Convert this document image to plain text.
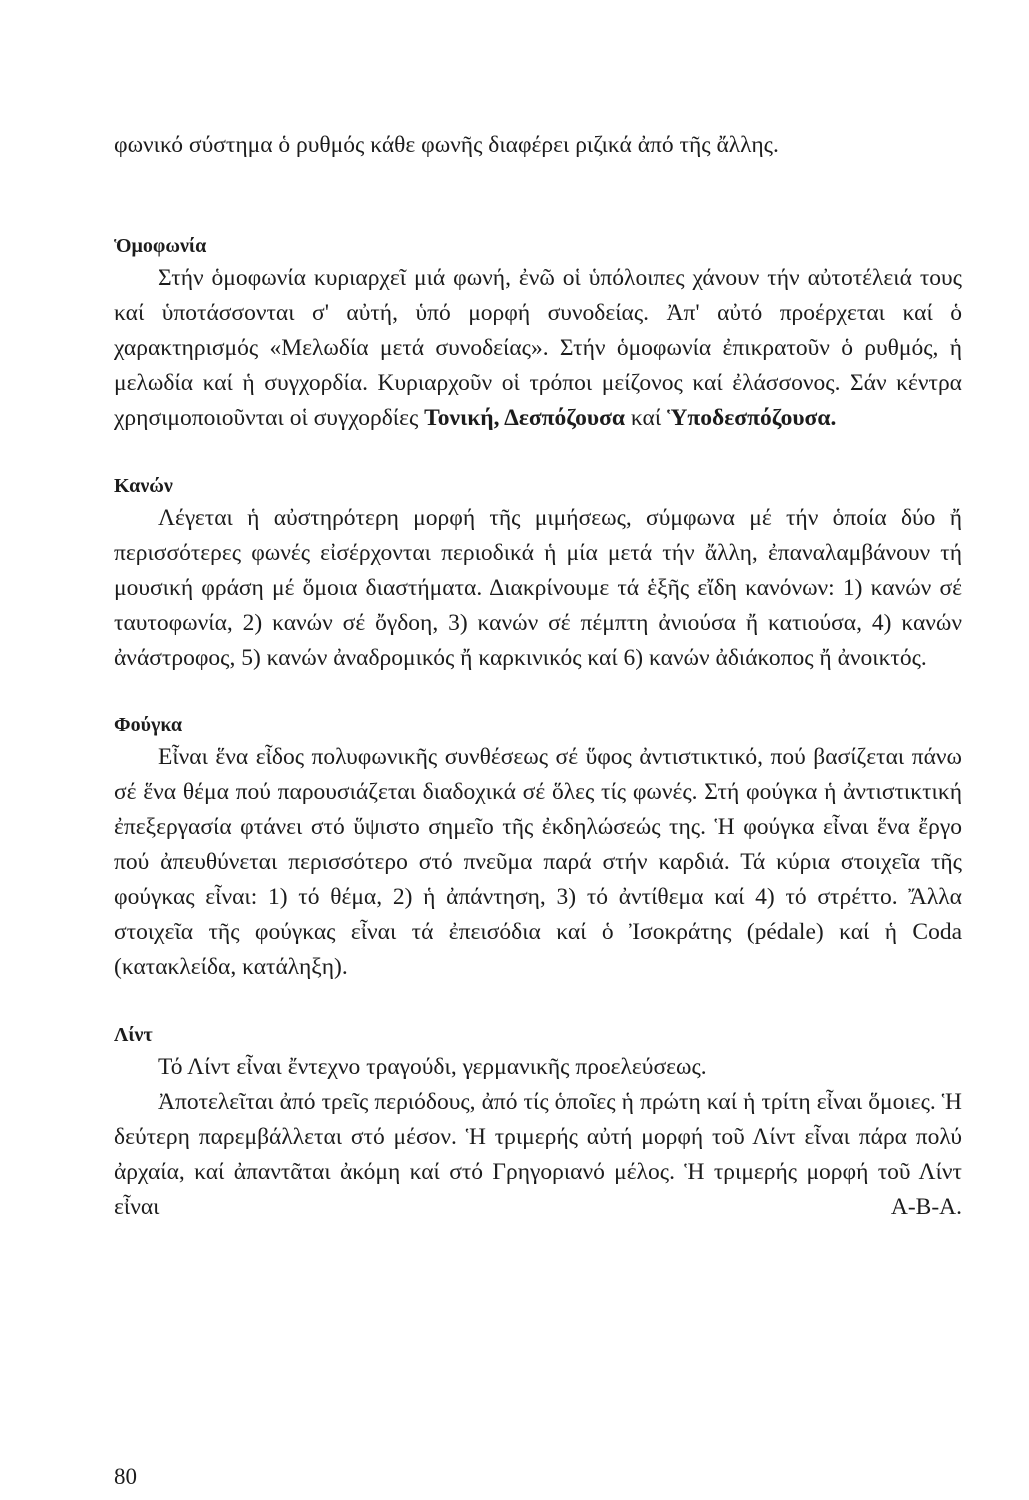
φωνικό σύστημα ὁ ρυθμός κάθε φωνῆς διαφέρει ριζικά ἀπό τῆς ἄλλης.

Ὁμοφωνία

Στήν ὁμοφωνία κυριαρχεῖ μιά φωνή, ἐνῶ οἱ ὑπόλοιπες χάνουν τήν αὐτοτέλειά τους καί ὑποτάσσονται σ' αὐτή, ὑπό μορφή συνοδείας. Ἀπ' αὐτό προέρχεται καί ὁ χαρακτηρισμός «Μελωδία μετά συνοδείας». Στήν ὁμοφωνία ἐπικρατοῦν ὁ ρυθμός, ἡ μελωδία καί ἡ συγχορδία. Κυριαρχοῦν οἱ τρόποι μείζονος καί ἐλάσσονος. Σάν κέντρα χρησιμοποιοῦνται οἱ συγχορδίες Τονική, Δεσπόζουσα καί Ὑποδεσπόζουσα.

Κανών

Λέγεται ἡ αὐστηρότερη μορφή τῆς μιμήσεως, σύμφωνα μέ τήν ὁποία δύο ἤ περισσότερες φωνές εἰσέρχονται περιοδικά ἡ μία μετά τήν ἄλλη, ἐπαναλαμβάνουν τή μουσική φράση μέ ὅμοια διαστήματα. Διακρίνουμε τά ἑξῆς εἴδη κανόνων: 1) κανών σέ ταυτοφωνία, 2) κανών σέ ὄγδοη, 3) κανών σέ πέμπτη ἀνιούσα ἤ κατιούσα, 4) κανών ἀνάστροφος, 5) κανών ἀναδρομικός ἤ καρκινικός καί 6) κανών ἀδιάκοπος ἤ ἀνοικτός.

Φούγκα

Εἶναι ἕνα εἶδος πολυφωνικῆς συνθέσεως σέ ὕφος ἀντιστικτικό, πού βασίζεται πάνω σέ ἕνα θέμα πού παρουσιάζεται διαδοχικά σέ ὅλες τίς φωνές. Στή φούγκα ἡ ἀντιστικτική ἐπεξεργασία φτάνει στό ὕψιστο σημεῖο τῆς ἐκδηλώσεώς της. Ἡ φούγκα εἶναι ἕνα ἔργο πού ἀπευθύνεται περισσότερο στό πνεῦμα παρά στήν καρδιά. Τά κύρια στοιχεῖα τῆς φούγκας εἶναι: 1) τό θέμα, 2) ἡ ἀπάντηση, 3) τό ἀντίθεμα καί 4) τό στρέττο. Ἄλλα στοιχεῖα τῆς φούγκας εἶναι τά ἐπεισόδια καί ὁ Ἰσοκράτης (pédale) καί ἡ Coda (κατακλείδα, κατάληξη).

Λίντ

Τό Λίντ εἶναι ἔντεχνο τραγούδι, γερμανικῆς προελεύσεως.

Ἀποτελεῖται ἀπό τρεῖς περιόδους, ἀπό τίς ὁποῖες ἡ πρώτη καί ἡ τρίτη εἶναι ὅμοιες. Ἡ δεύτερη παρεμβάλλεται στό μέσον. Ἡ τριμερής αὐτή μορφή τοῦ Λίντ εἶναι πάρα πολύ ἀρχαία, καί ἀπαντᾶται ἀκόμη καί στό Γρηγοριανό μέλος. Ἡ τριμερής μορφή τοῦ Λίντ εἶναι Α-Β-Α.

80
